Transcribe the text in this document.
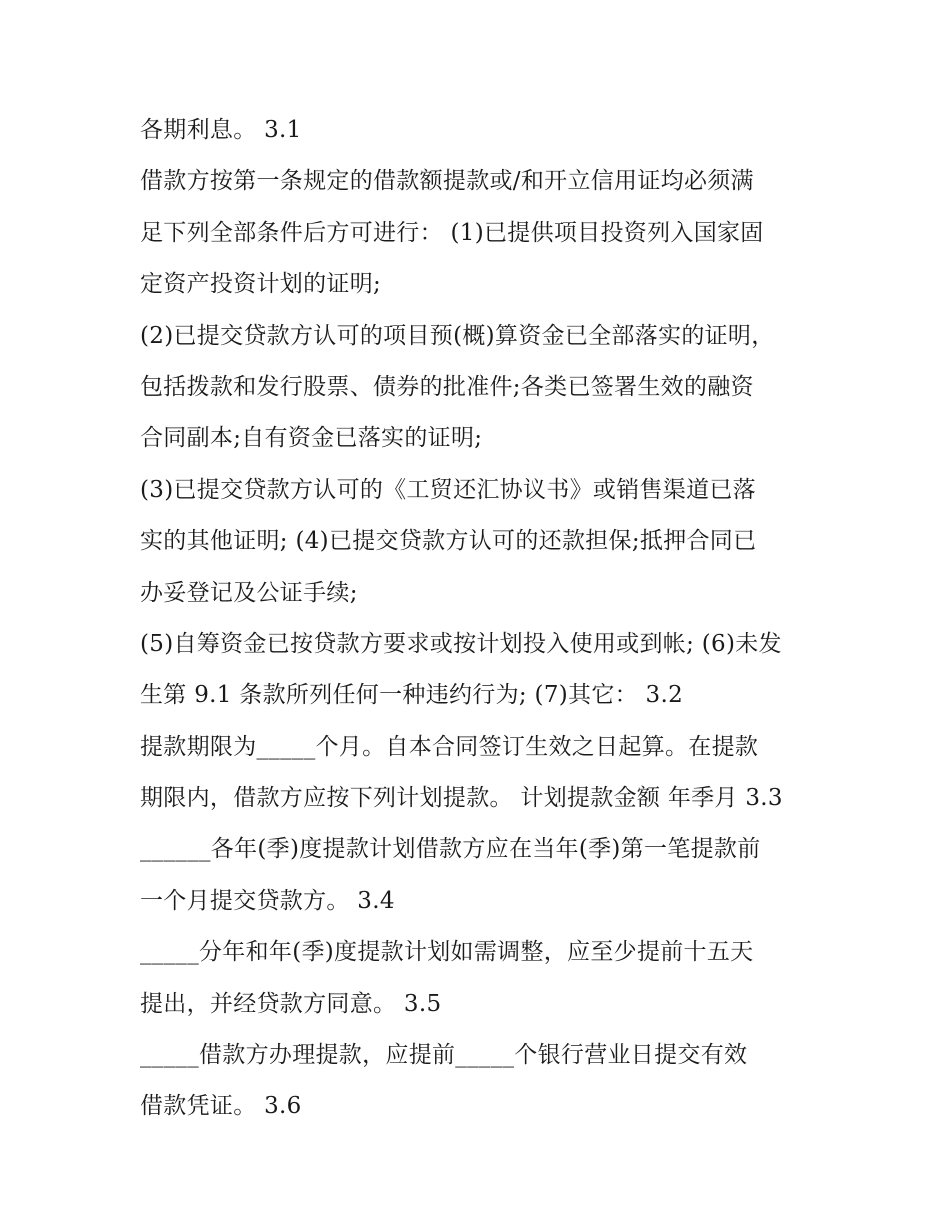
各期利息。 3.1
借款方按第一条规定的借款额提款或/和开立信用证均必须满
足下列全部条件后方可进行： (1)已提供项目投资列入国家固
定资产投资计划的证明;
(2)已提交贷款方认可的项目预(概)算资金已全部落实的证明，
包括拨款和发行股票、债券的批准件;各类已签署生效的融资
合同副本;自有资金已落实的证明;
(3)已提交贷款方认可的《工贸还汇协议书》或销售渠道已落
实的其他证明; (4)已提交贷款方认可的还款担保;抵押合同已
办妥登记及公证手续;
(5)自筹资金已按贷款方要求或按计划投入使用或到帐; (6)未发
生第 9.1 条款所列任何一种违约行为; (7)其它： 3.2
提款期限为_____个月。自本合同签订生效之日起算。在提款
期限内，借款方应按下列计划提款。 计划提款金额 年季月 3.3
______各年(季)度提款计划借款方应在当年(季)第一笔提款前
一个月提交贷款方。 3.4
_____分年和年(季)度提款计划如需调整，应至少提前十五天
提出，并经贷款方同意。 3.5
_____借款方办理提款，应提前_____个银行营业日提交有效
借款凭证。 3.6
